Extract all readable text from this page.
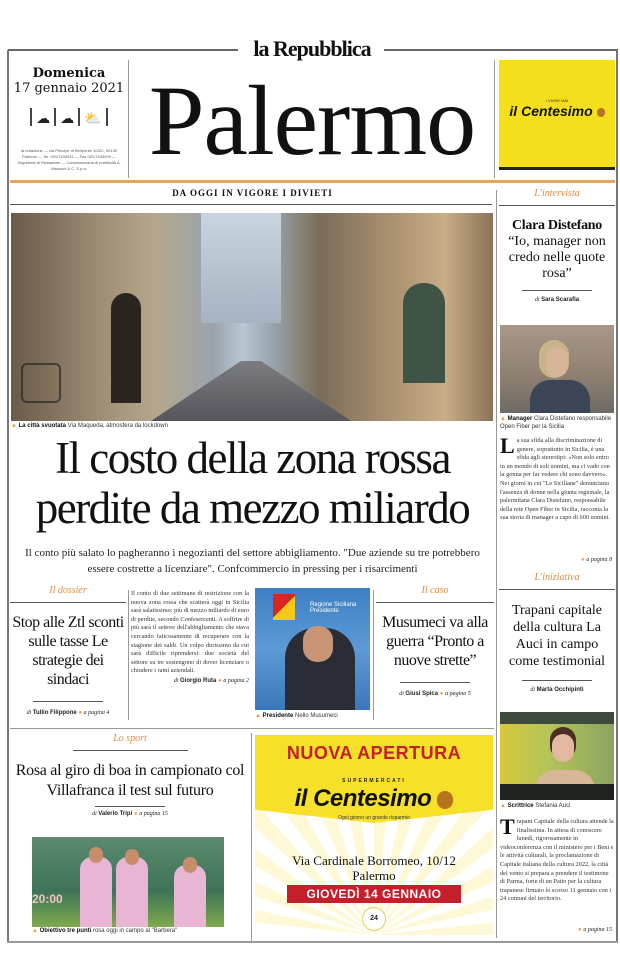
la Repubblica
Domenica
17 gennaio 2021
☁ ☁ ⛅
la redazione — via Principe di Belmonte 103/C, 90139 Palermo — Tel. 091/7434911 — Fax 091/7434939 — Segreteria di Redazione — Concessionaria di pubblicità A. Manzoni & C. S.p.a. Palermo	I VIVRE MAI
il Centesimo
DA OGGI IN VIGORE I DIVIETI
▲ La città svuotata Via Maqueda, atmosfera da lockdown
Il costo della zona rossa
perdite da mezzo miliardo
Il conto più salato lo pagheranno i negozianti del settore abbigliamento. "Due aziende su tre potrebbero essere costrette a licenziare". Confcommercio in pressing per i risarcimenti
Il dossier
Stop alle Ztl sconti sulle tasse Le strategie dei sindaci
di Tullio Filippone ● a pagina 4
Il conto di due settimane di restrizione con la nuova zona rossa che scatterà oggi in Sicilia sarà salatissimo: più di mezzo miliardo di euro di perdite, secondo Confesercenti. A soffrire di più sarà il settore dell'abbigliamento che stava cercando faticosamente di recuperare con la stagione dei saldi. Un colpo durissimo da cui sarà difficile riprendersi: due società del settore su tre sostengono di dover licenziare o chiudere i rami aziendali.
di Giorgio Ruta ● a pagina 2
Regione Siciliana Presidente
▲ Presidente Nello Musumeci
Il caso
Musumeci va alla guerra “Pronto a nuove strette”
di Giusi Spica ● a pagina 5
Lo sport
Rosa al giro di boa in campionato col Villafranca il test sul futuro
di Valerio Tripi ● a pagina 15
20:00
▲ Obiettivo tre punti rosa oggi in campo al "Barbera"
NUOVA APERTURA
SUPERMERCATI
il Centesimo
Ogni giorno un grande risparmio
Via Cardinale Borromeo, 10/12
Palermo
GIOVEDÌ 14 GENNAIO
24
L'intervista
Clara Distefano
“Io, manager non credo nelle quote rosa”
di Sara Scarafia
▲ Manager Clara Distefano responsabile Open Fiber per la Sicilia
L a sua sfida alla discriminazione di genere, soprattutto in Sicilia, è una sfida agli stereotipi: «Non solo entro in un mondo di soli uomini, ma ci vado con la gonna per far vedere chi sono davvero». Nei giorni in cui "Le Siciliane" denunciano l'assenza di donne nella giunta regionale, la palermitana Clara Distefano, responsabile della rete Open Fiber in Sicilia, racconta la sua storia di manager a capo di 600 uomini.
● a pagina 8
L'iniziativa
Trapani capitale della cultura La Auci in campo come testimonial
di Marta Occhipinti
▲ Scrittrice Stefania Auci
T rapani Capitale della cultura attende la finalissima. In attesa di conoscere lunedì, rigorosamente in videoconferenza con il ministero per i Beni e le attività culturali, la proclamazione di Capitale italiana della cultura 2022, la città del vento si prepara a prendere il testimone di Parma, forte di un Patto per la cultura trapanese firmato lo scorso 11 gennaio con i 24 comuni del territorio.
● a pagina 15
